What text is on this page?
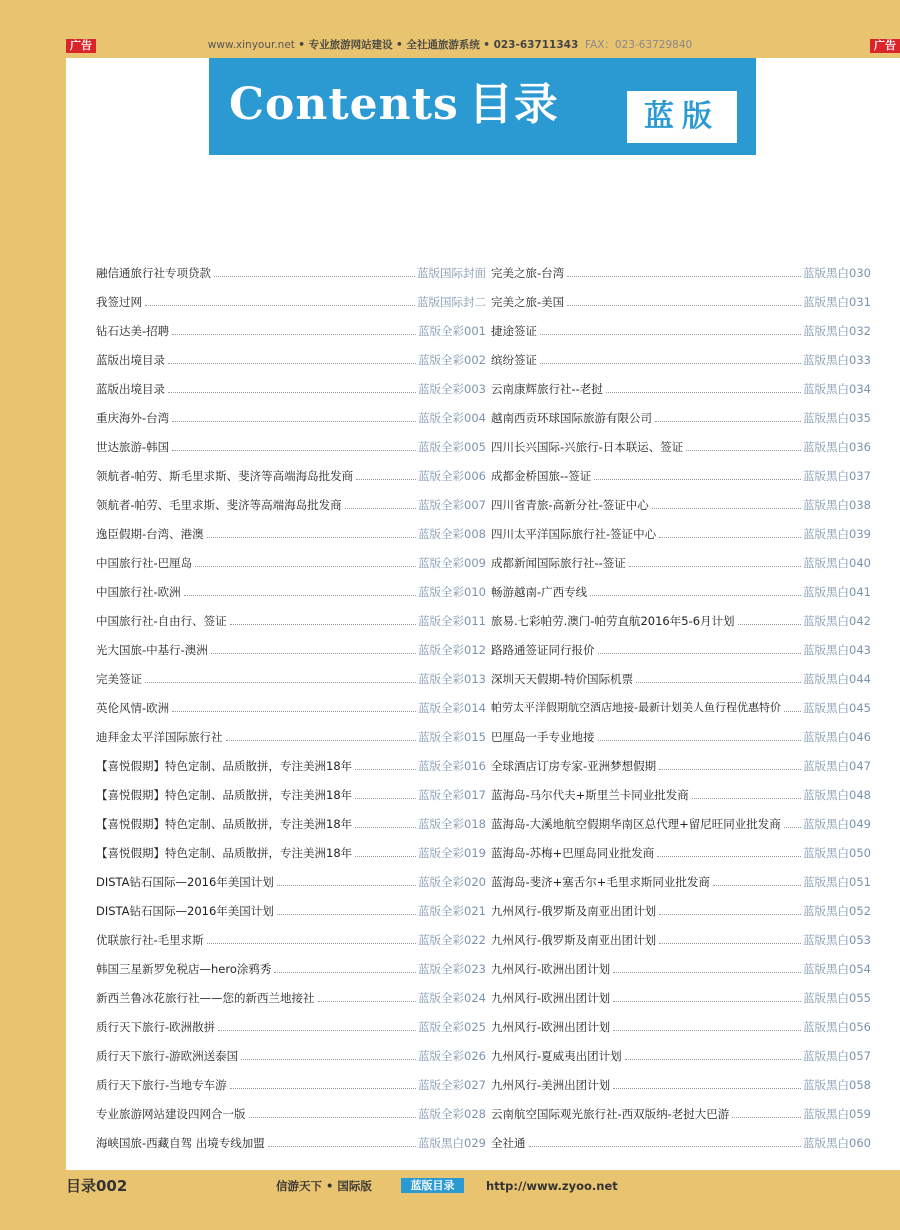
广告	广告
www.xinyour.net • 专业旅游网站建设 • 全社通旅游系统 • 023-63711343 FAX：023-63729840
Contents 目录	蓝版
融信通旅行社专项贷款	蓝版国际封面
我签过网	蓝版国际封二
钻石达美-招聘	蓝版全彩001
蓝版出境目录	蓝版全彩002
蓝版出境目录	蓝版全彩003
重庆海外-台湾	蓝版全彩004
世达旅游-韩国	蓝版全彩005
领航者-帕劳、斯毛里求斯、斐济等高端海岛批发商	蓝版全彩006
领航者-帕劳、毛里求斯、斐济等高端海岛批发商	蓝版全彩007
逸臣假期-台湾、港澳	蓝版全彩008
中国旅行社-巴厘岛	蓝版全彩009
中国旅行社-欧洲	蓝版全彩010
中国旅行社-自由行、签证	蓝版全彩011
光大国旅-中基行-澳洲	蓝版全彩012
完美签证	蓝版全彩013
英伦风情-欧洲	蓝版全彩014
迪拜金太平洋国际旅行社	蓝版全彩015
【喜悦假期】特色定制、品质散拼，专注美洲18年	蓝版全彩016
【喜悦假期】特色定制、品质散拼，专注美洲18年	蓝版全彩017
【喜悦假期】特色定制、品质散拼，专注美洲18年	蓝版全彩018
【喜悦假期】特色定制、品质散拼，专注美洲18年	蓝版全彩019
DISTA钻石国际—2016年美国计划	蓝版全彩020
DISTA钻石国际—2016年美国计划	蓝版全彩021
优联旅行社-毛里求斯	蓝版全彩022
韩国三星新罗免税店—hero涂鸦秀	蓝版全彩023
新西兰鲁冰花旅行社——您的新西兰地接社	蓝版全彩024
质行天下旅行-欧洲散拼	蓝版全彩025
质行天下旅行-游欧洲送泰国	蓝版全彩026
质行天下旅行-当地专车游	蓝版全彩027
专业旅游网站建设四网合一版	蓝版全彩028
海峡国旅-西藏自驾 出境专线加盟	蓝版黑白029
完美之旅-台湾	蓝版黑白030
完美之旅-美国	蓝版黑白031
捷途签证	蓝版黑白032
缤纷签证	蓝版黑白033
云南康辉旅行社--老挝	蓝版黑白034
越南西贡环球国际旅游有限公司	蓝版黑白035
四川长兴国际-兴旅行-日本联运、签证	蓝版黑白036
成都金桥国旅--签证	蓝版黑白037
四川省青旅-高新分社-签证中心	蓝版黑白038
四川太平洋国际旅行社-签证中心	蓝版黑白039
成都新闻国际旅行社--签证	蓝版黑白040
畅游越南-广西专线	蓝版黑白041
旅易.七彩帕劳.澳门-帕劳直航2016年5-6月计划	蓝版黑白042
路路通签证同行报价	蓝版黑白043
深圳天天假期-特价国际机票	蓝版黑白044
帕劳太平洋假期航空酒店地接-最新计划美人鱼行程优惠特价 蓝版黑白045
巴厘岛一手专业地接	蓝版黑白046
全球酒店订房专家-亚洲梦想假期	蓝版黑白047
蓝海岛-马尔代夫+斯里兰卡同业批发商	蓝版黑白048
蓝海岛-大溪地航空假期华南区总代理+留尼旺同业批发商 蓝版黑白049
蓝海岛-苏梅+巴厘岛同业批发商	蓝版黑白050
蓝海岛-斐济+塞舌尔+毛里求斯同业批发商	蓝版黑白051
九州风行-俄罗斯及南亚出团计划	蓝版黑白052
九州风行-俄罗斯及南亚出团计划	蓝版黑白053
九州风行-欧洲出团计划	蓝版黑白054
九州风行-欧洲出团计划	蓝版黑白055
九州风行-欧洲出团计划	蓝版黑白056
九州风行-夏威夷出团计划	蓝版黑白057
九州风行-美洲出团计划	蓝版黑白058
云南航空国际观光旅行社-西双版纳-老挝大巴游	蓝版黑白059
全社通	蓝版黑白060
目录002	信游天下 • 国际版	蓝版目录	http://www.zyoo.net
